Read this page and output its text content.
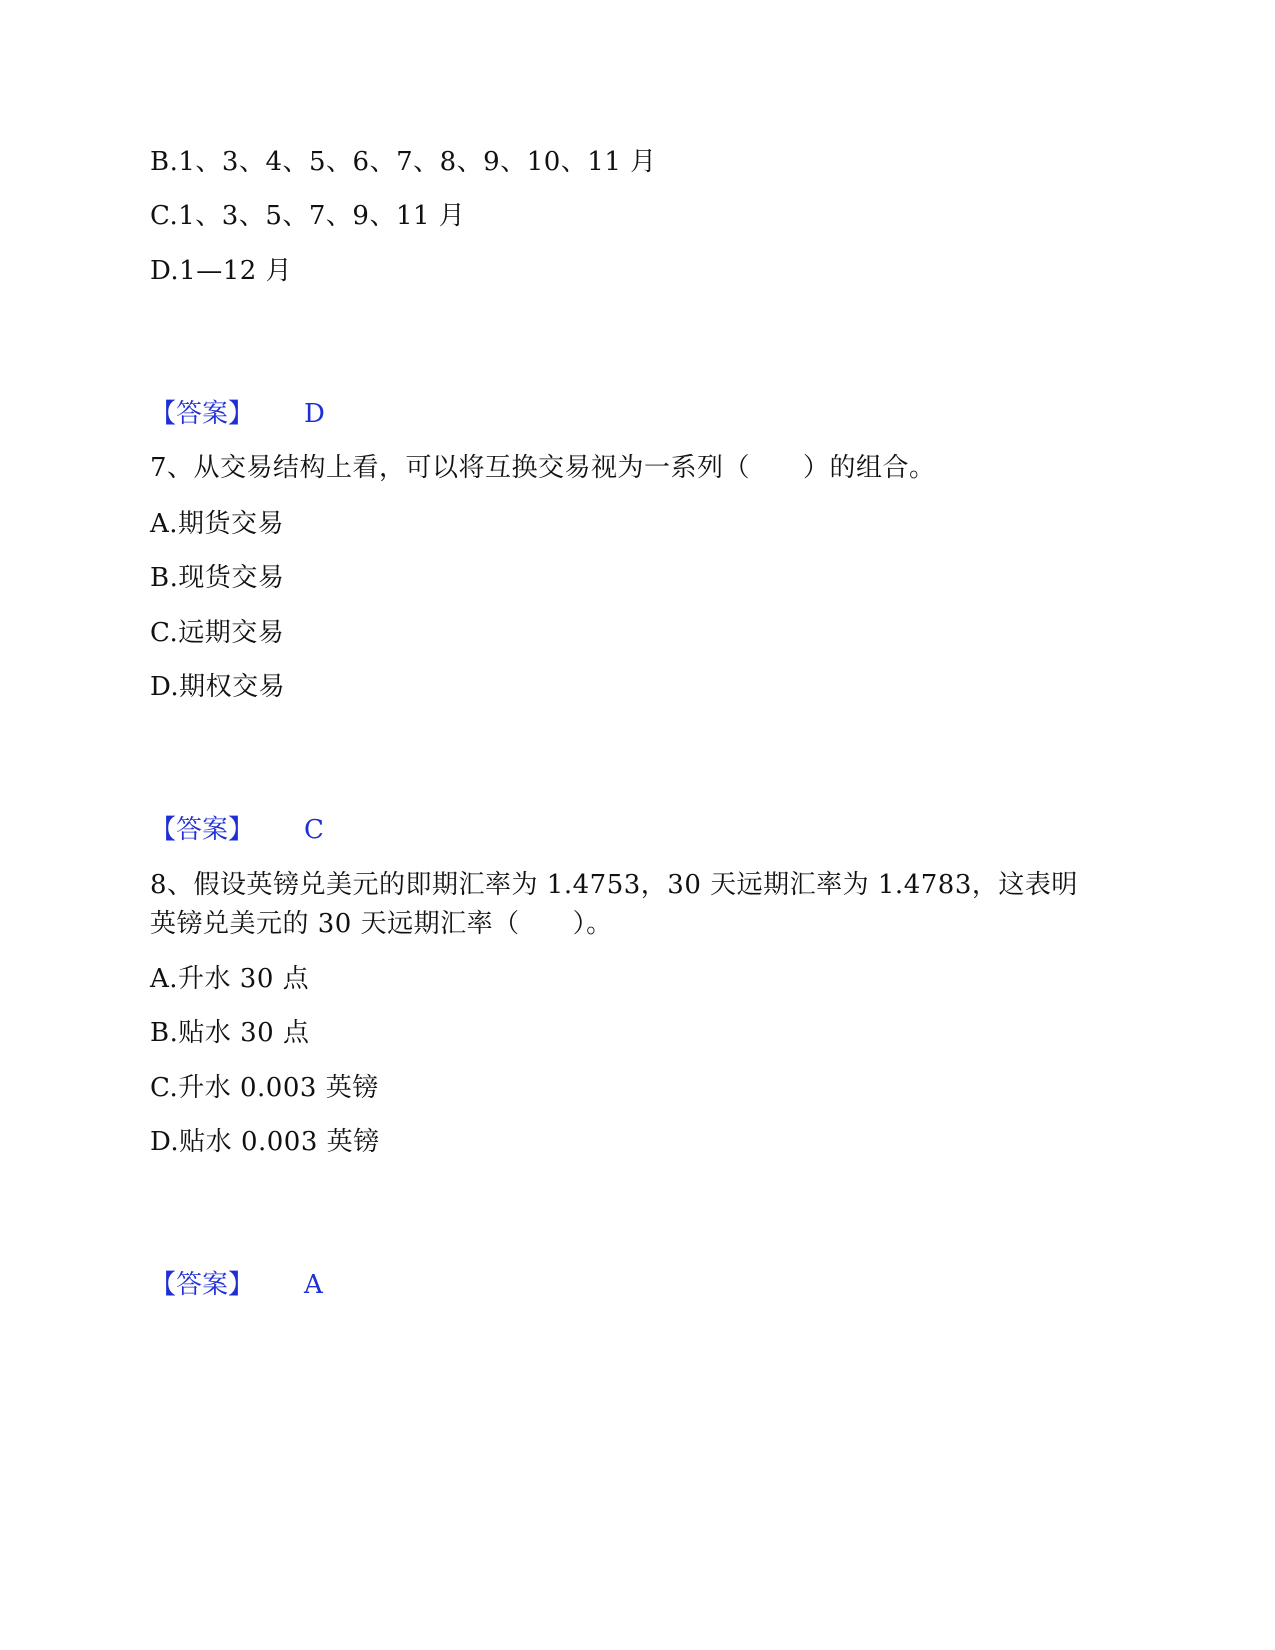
B.1、3、4、5、6、7、8、9、10、11 月
C.1、3、5、7、9、11 月
D.1—12 月
【答案】 D
7、从交易结构上看，可以将互换交易视为一系列（　　）的组合。
A.期货交易
B.现货交易
C.远期交易
D.期权交易
【答案】 C
8、假设英镑兑美元的即期汇率为 1.4753，30 天远期汇率为 1.4783，这表明
英镑兑美元的 30 天远期汇率（　　）。
A.升水 30 点
B.贴水 30 点
C.升水 0.003 英镑
D.贴水 0.003 英镑
【答案】 A
